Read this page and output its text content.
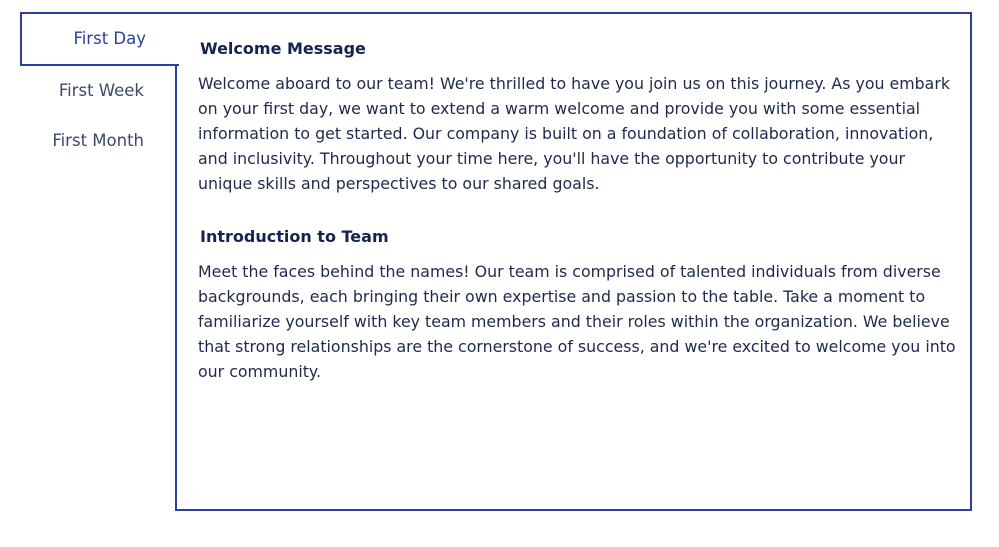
First Day
First Week
First Month
Welcome Message

Welcome aboard to our team! We're thrilled to have you join us on this journey. As you embark on your first day, we want to extend a warm welcome and provide you with some essential information to get started. Our company is built on a foundation of collaboration, innovation, and inclusivity. Throughout your time here, you'll have the opportunity to contribute your unique skills and perspectives to our shared goals.

Introduction to Team

Meet the faces behind the names! Our team is comprised of talented individuals from diverse backgrounds, each bringing their own expertise and passion to the table. Take a moment to familiarize yourself with key team members and their roles within the organization. We believe that strong relationships are the cornerstone of success, and we're excited to welcome you into our community.
